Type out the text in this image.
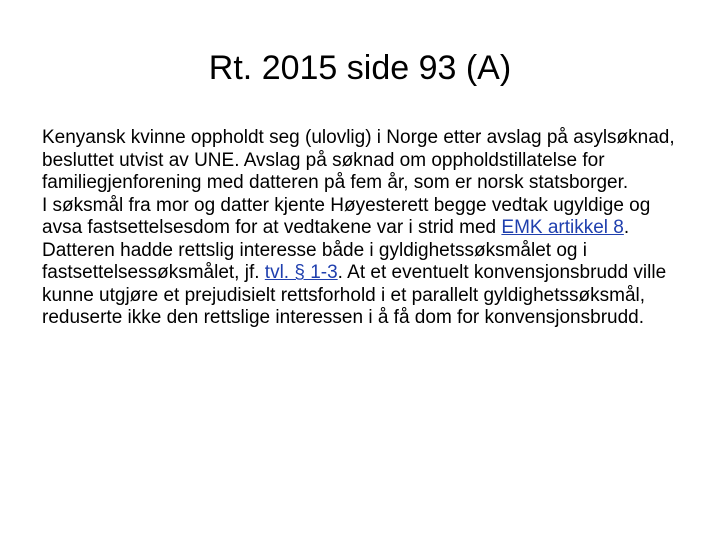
Rt. 2015 side 93 (A)

Kenyansk kvinne oppholdt seg (ulovlig) i Norge etter avslag på asylsøknad, besluttet utvist av UNE. Avslag på søknad om oppholdstillatelse for familiegjenforening med datteren på fem år, som er norsk statsborger.

I søksmål fra mor og datter kjente Høyesterett begge vedtak ugyldige og avsa fastsettelsesdom for at vedtakene var i strid med EMK artikkel 8.

Datteren hadde rettslig interesse både i gyldighetssøksmålet og i fastsettelsessøksmålet, jf. tvl. § 1-3. At et eventuelt konvensjonsbrudd ville kunne utgjøre et prejudisielt rettsforhold i et parallelt gyldighetssøksmål, reduserte ikke den rettslige interessen i å få dom for konvensjonsbrudd.
